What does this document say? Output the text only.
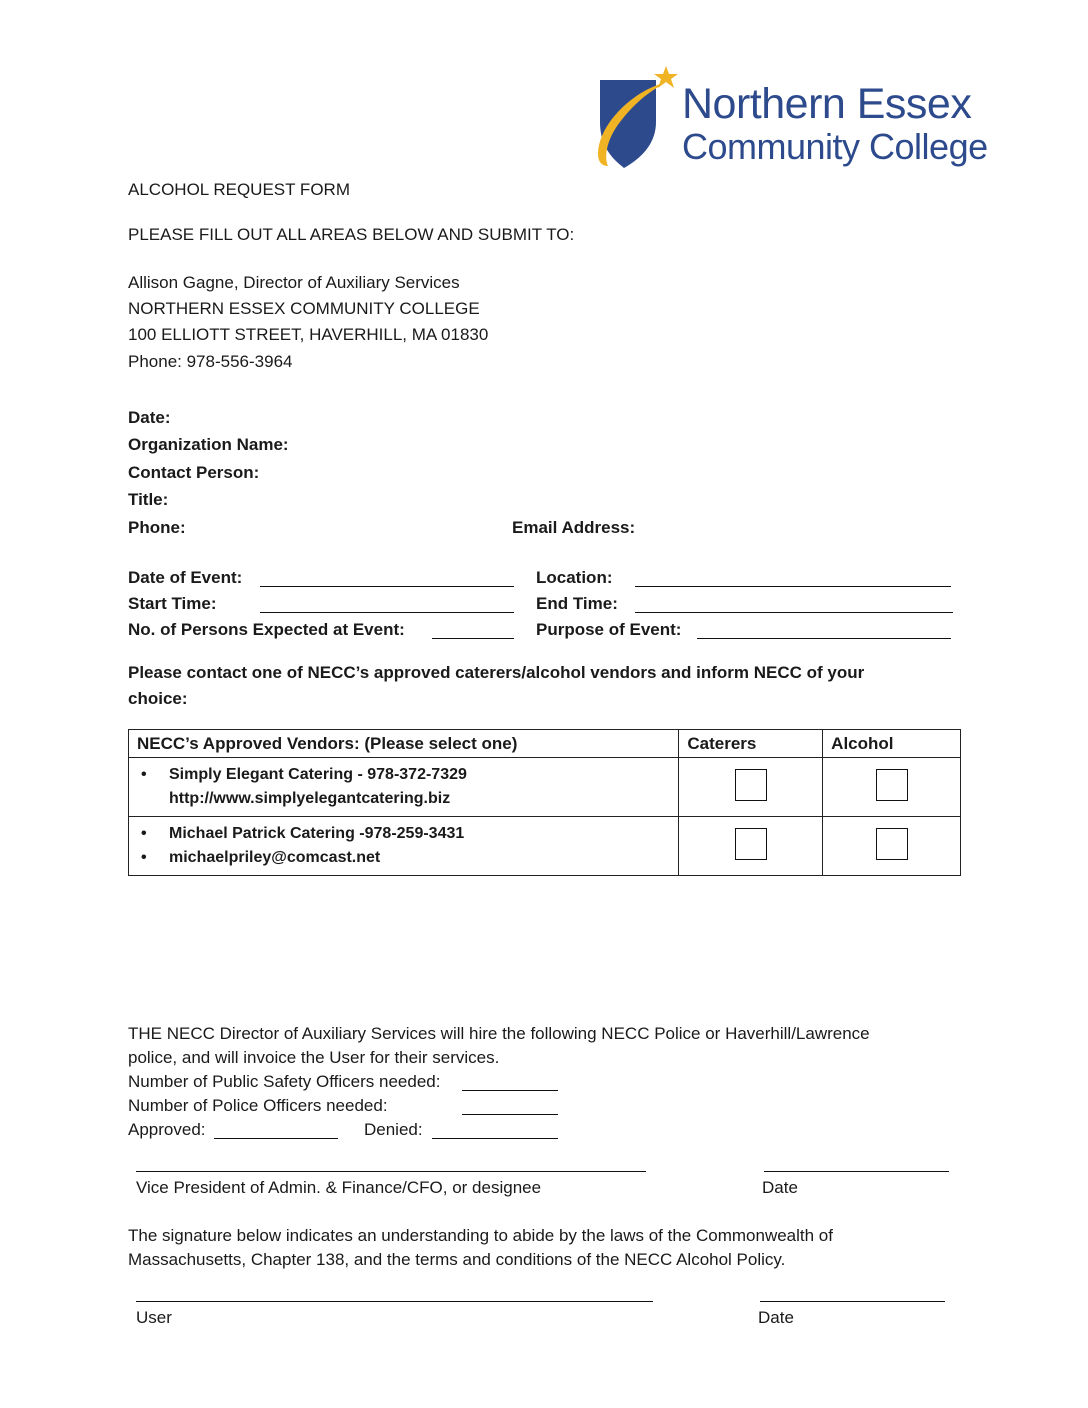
Northern Essex
Community College
ALCOHOL REQUEST FORM
PLEASE FILL OUT ALL AREAS BELOW AND SUBMIT TO:
Allison Gagne, Director of Auxiliary Services
NORTHERN ESSEX COMMUNITY COLLEGE
100 ELLIOTT STREET, HAVERHILL, MA 01830
Phone: 978-556-3964
Date:
Organization Name:
Contact Person:
Title:
Phone:	Email Address:
Date of Event:	Location:
Start Time:	End Time:
No. of Persons Expected at Event:	Purpose of Event:
Please contact one of NECC’s approved caterers/alcohol vendors and inform NECC of your
choice:
NECC’s Approved Vendors: (Please select one)	Caterers	Alcohol

• Simply Elegant Catering - 978-372-7329
http://www.simplyelegantcatering.biz		

• Michael Patrick Catering -978-259-3431
• michaelpriley@comcast.net		

THE NECC Director of Auxiliary Services will hire the following NECC Police or Haverhill/Lawrence
police, and will invoice the User for their services.
Number of Public Safety Officers needed:
Number of Police Officers needed:
Approved:	Denied:
Vice President of Admin. & Finance/CFO, or designee	Date
The signature below indicates an understanding to abide by the laws of the Commonwealth of
Massachusetts, Chapter 138, and the terms and conditions of the NECC Alcohol Policy.
User	Date
